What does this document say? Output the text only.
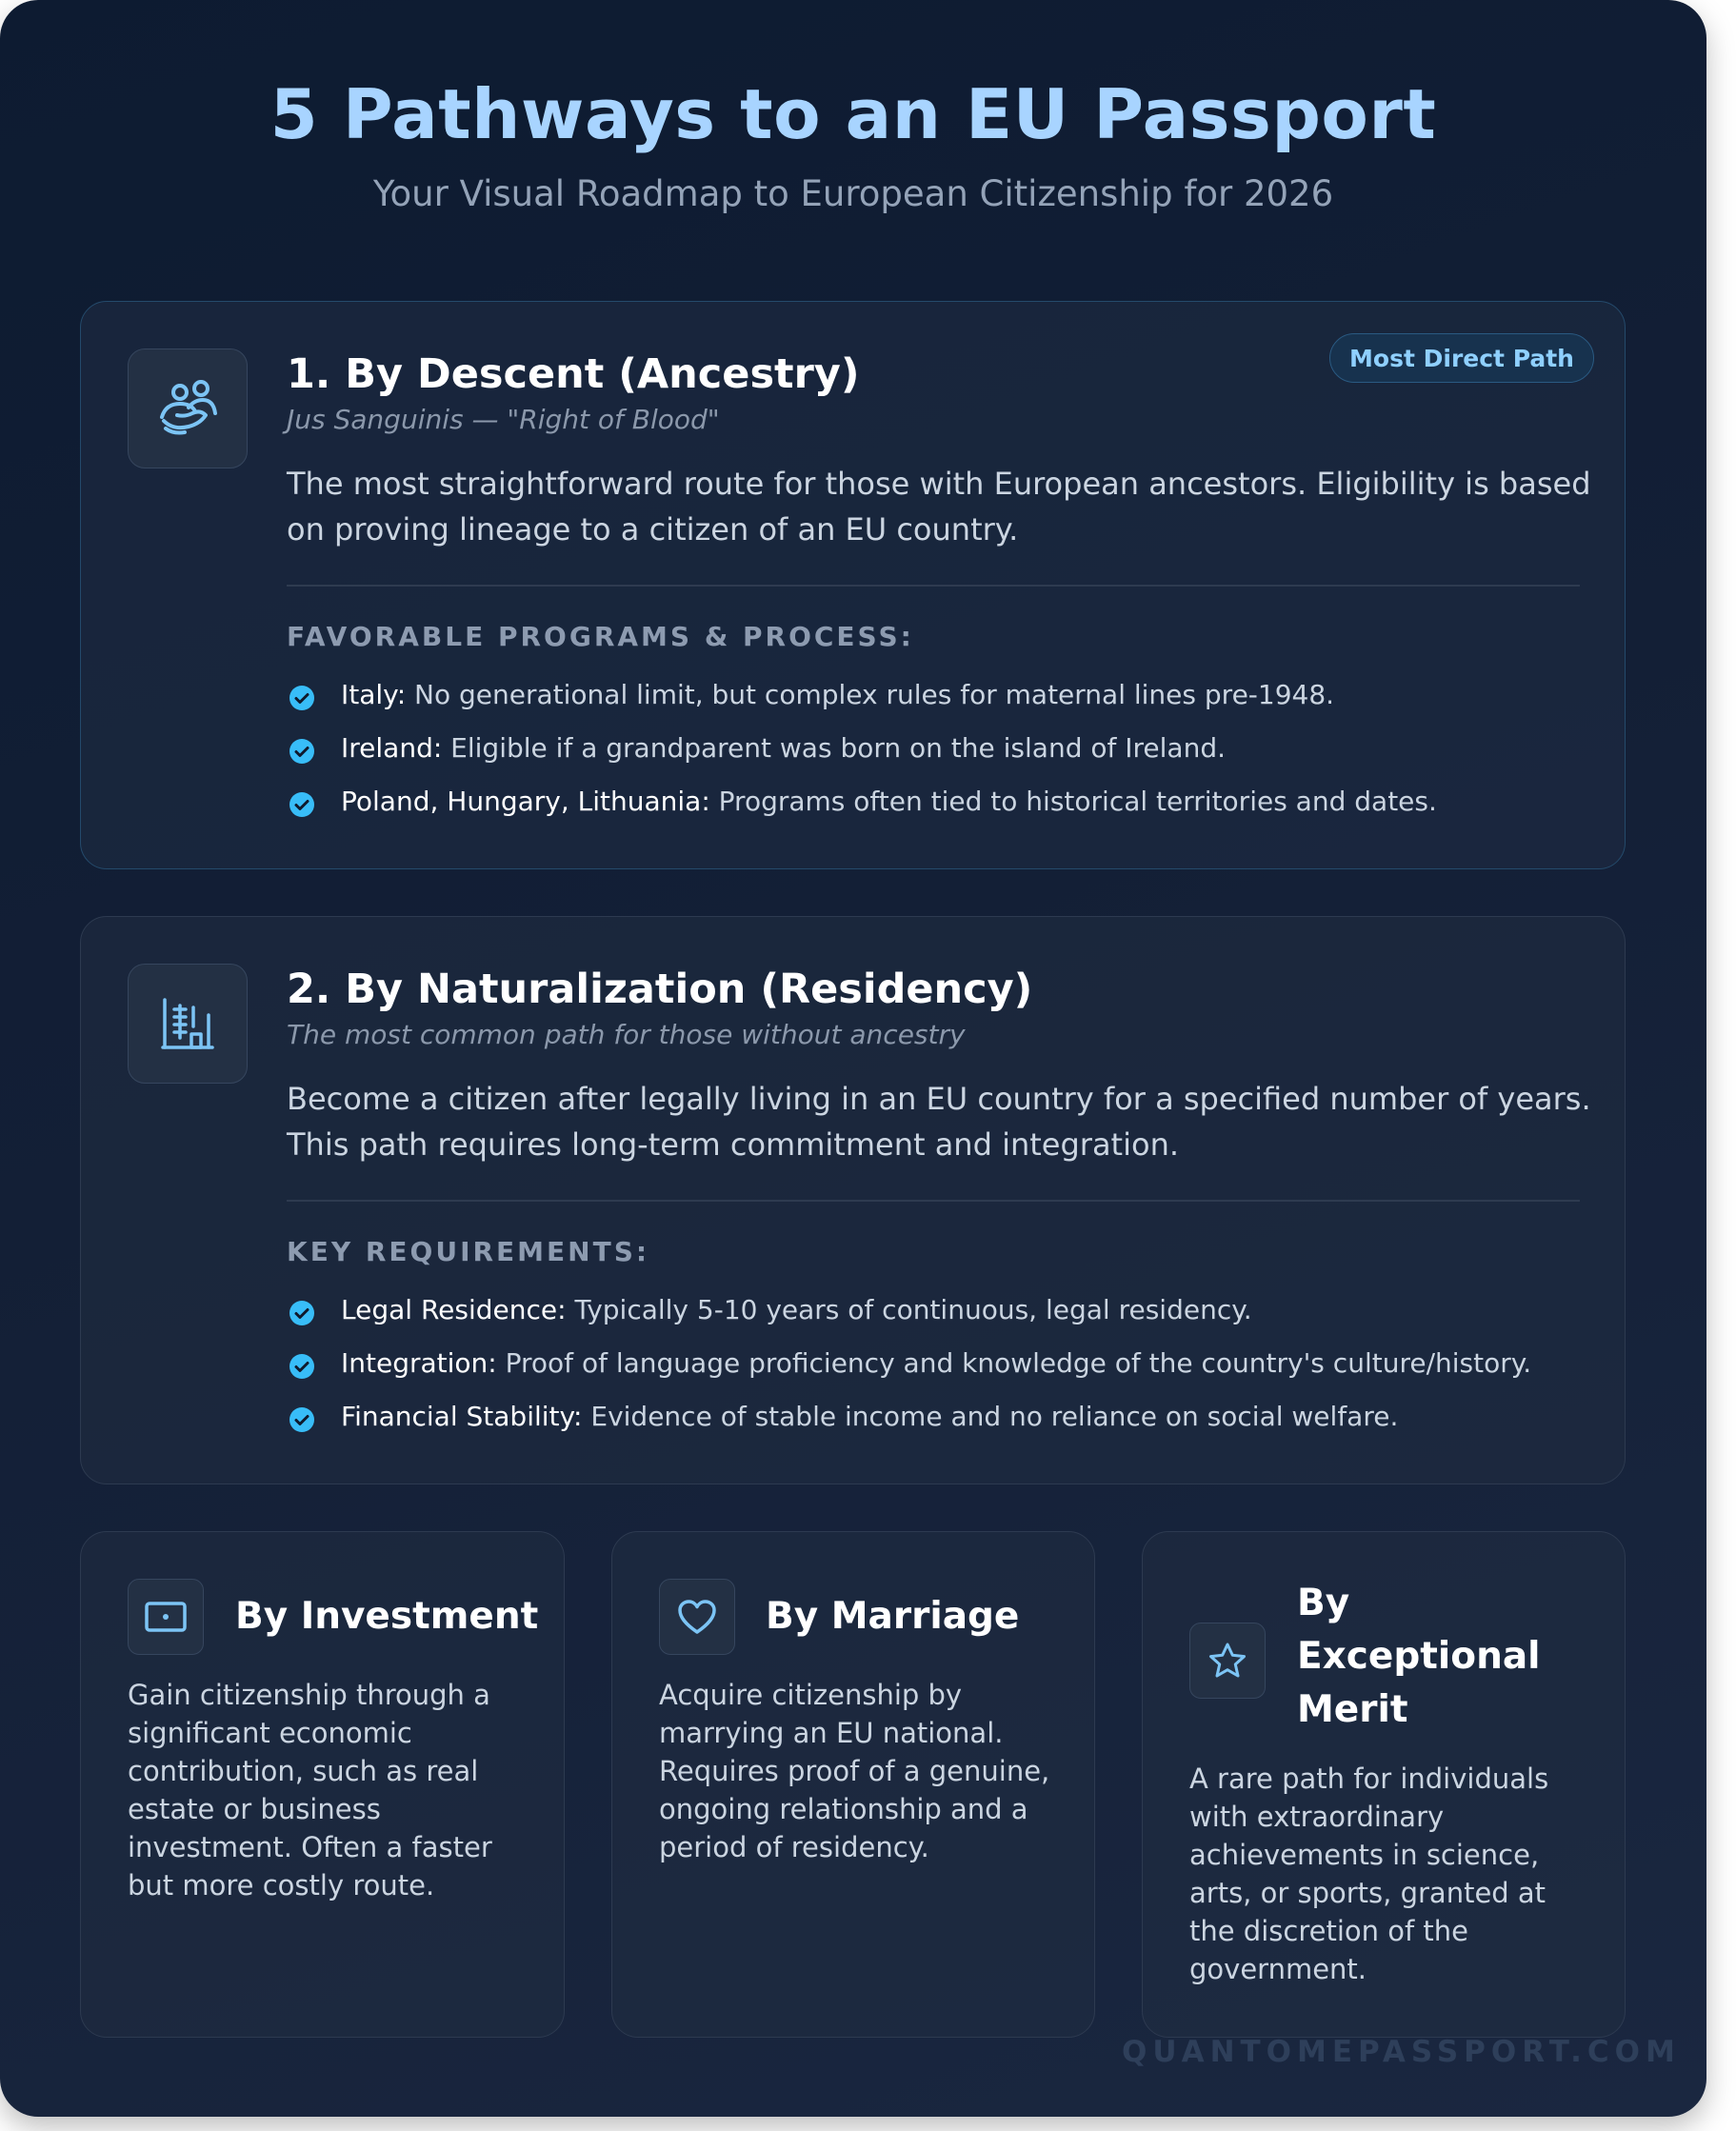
5 Pathways to an EU Passport
Your Visual Roadmap to European Citizenship for 2026
1. By Descent (Ancestry)
Jus Sanguinis — "Right of Blood"
Most Direct Path
The most straightforward route for those with European ancestors. Eligibility is based on proving lineage to a citizen of an EU country.
FAVORABLE PROGRAMS & PROCESS:
Italy: No generational limit, but complex rules for maternal lines pre-1948.
Ireland: Eligible if a grandparent was born on the island of Ireland.
Poland, Hungary, Lithuania: Programs often tied to historical territories and dates.
2. By Naturalization (Residency)
The most common path for those without ancestry
Become a citizen after legally living in an EU country for a specified number of years. This path requires long-term commitment and integration.
KEY REQUIREMENTS:
Legal Residence: Typically 5-10 years of continuous, legal residency.
Integration: Proof of language proficiency and knowledge of the country's culture/history.
Financial Stability: Evidence of stable income and no reliance on social welfare.
By Investment
Gain citizenship through a significant economic contribution, such as real estate or business investment. Often a faster but more costly route.
By Marriage
Acquire citizenship by marrying an EU national. Requires proof of a genuine, ongoing relationship and a period of residency.
By
Exceptional
Merit
A rare path for individuals with extraordinary achievements in science, arts, or sports, granted at the discretion of the government.
QUANTOMEPASSPORT.COM
